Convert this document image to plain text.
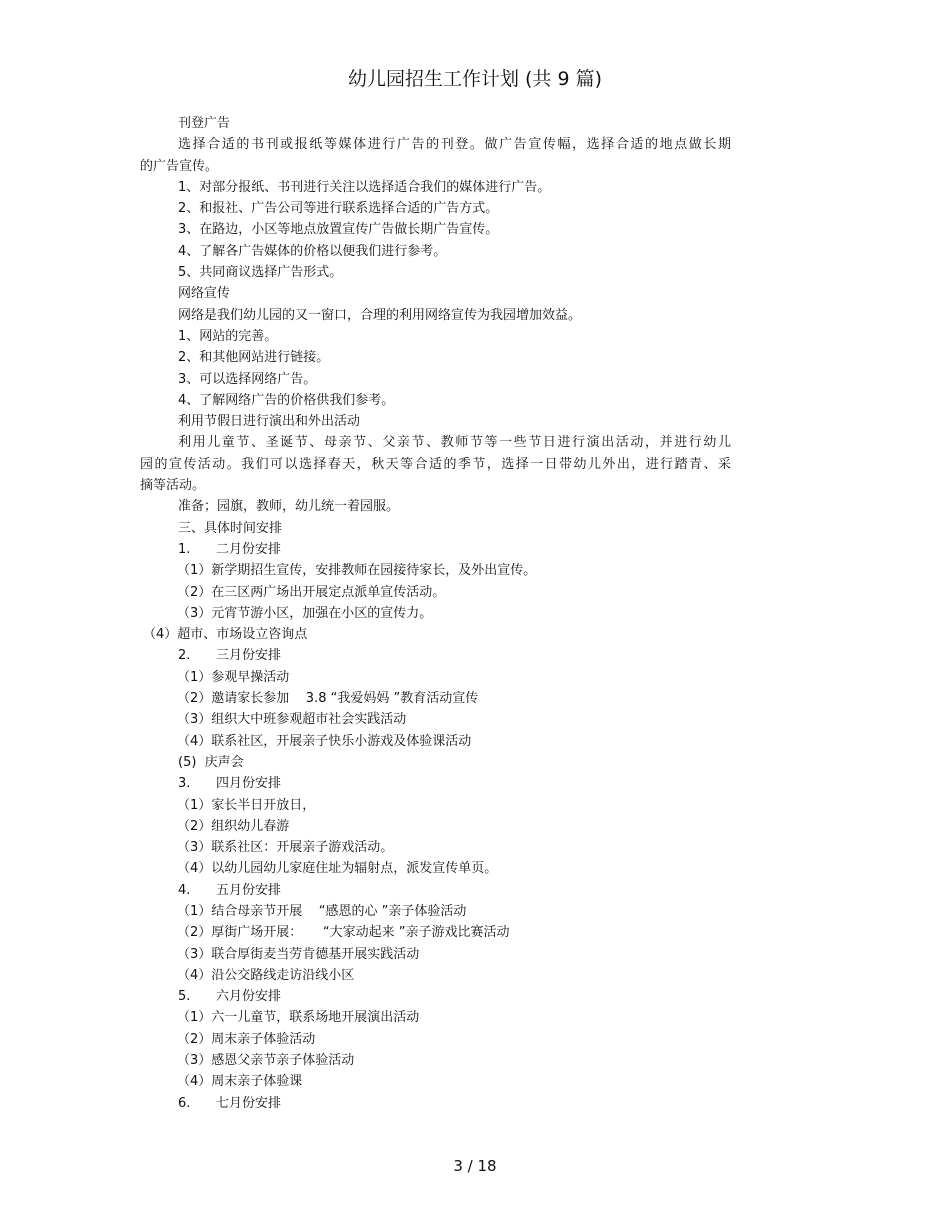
幼儿园招生工作计划 (共 9 篇)
刊登广告
选择合适的书刊或报纸等媒体进行广告的刊登。做广告宣传幅，选择合适的地点做长期
的广告宣传。
1、对部分报纸、书刊进行关注以选择适合我们的媒体进行广告。
2、和报社、广告公司等进行联系选择合适的广告方式。
3、在路边，小区等地点放置宣传广告做长期广告宣传。
4、了解各广告媒体的价格以便我们进行参考。
5、共同商议选择广告形式。
网络宣传
网络是我们幼儿园的又一窗口，合理的利用网络宣传为我园增加效益。
1、网站的完善。
2、和其他网站进行链接。
3、可以选择网络广告。
4、了解网络广告的价格供我们参考。
利用节假日进行演出和外出活动
利用儿童节、圣诞节、母亲节、父亲节、教师节等一些节日进行演出活动，并进行幼儿
园的宣传活动。我们可以选择春天，秋天等合适的季节，选择一日带幼儿外出，进行踏青、采
摘等活动。
准备；园旗，教师，幼儿统一着园服。
三、具体时间安排
1. 二月份安排
（1）新学期招生宣传，安排教师在园接待家长，及外出宣传。
（2）在三区两广场出开展定点派单宣传活动。
（3）元宵节游小区，加强在小区的宣传力。
（4）超市、市场设立咨询点
2. 三月份安排
（1）参观早操活动
（2）邀请家长参加    3.8 “我爱妈妈 ”教育活动宣传
（3）组织大中班参观超市社会实践活动
（4）联系社区，开展亲子快乐小游戏及体验课活动
(5)  庆声会
3. 四月份安排
（1）家长半日开放日，
（2）组织幼儿春游
（3）联系社区：开展亲子游戏活动。
（4）以幼儿园幼儿家庭住址为辐射点，派发宣传单页。
4. 五月份安排
（1）结合母亲节开展    “感恩的心 ”亲子体验活动
（2）厚街广场开展：     “大家动起来 ”亲子游戏比赛活动
（3）联合厚街麦当劳肯德基开展实践活动
（4）沿公交路线走访沿线小区
5. 六月份安排
（1）六一儿童节，联系场地开展演出活动
（2）周末亲子体验活动
（3）感恩父亲节亲子体验活动
（4）周末亲子体验课
6. 七月份安排
3 / 18
